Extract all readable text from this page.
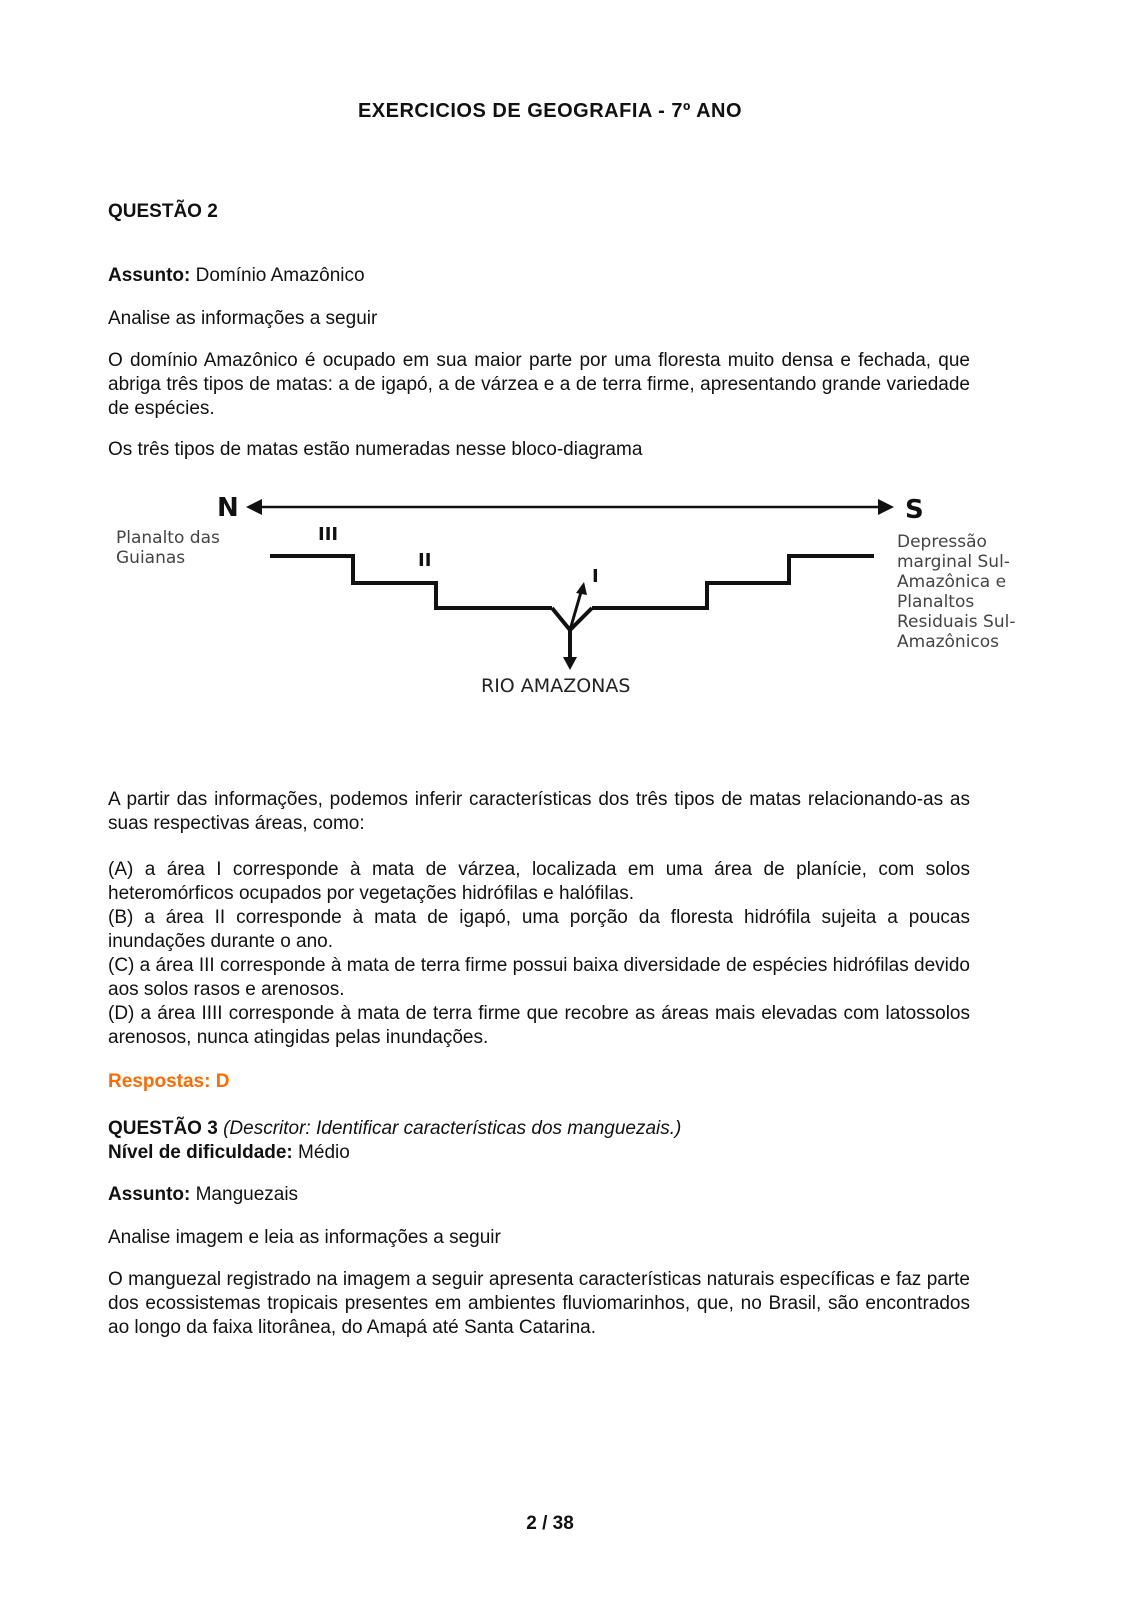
EXERCICIOS DE GEOGRAFIA - 7º ANO

QUESTÃO 2

Assunto: Domínio Amazônico

Analise as informações a seguir

O domínio Amazônico é ocupado em sua maior parte por uma floresta muito densa e fechada, que abriga três tipos de matas: a de igapó, a de várzea e a de terra firme, apresentando grande variedade de espécies.

Os três tipos de matas estão numeradas nesse bloco-diagrama

N	S
Planalto das Guianas
Depressão marginal Sul- Amazônica e Planaltos Residuais Sul- Amazônicos
III
II
I
RIO AMAZONAS

A partir das informações, podemos inferir características dos três tipos de matas relacionando-as as suas respectivas áreas, como:

(A) a área I corresponde à mata de várzea, localizada em uma área de planície, com solos heteromórficos ocupados por vegetações hidrófilas e halófilas.
(B) a área II corresponde à mata de igapó, uma porção da floresta hidrófila sujeita a poucas inundações durante o ano.
(C) a área III corresponde à mata de terra firme possui baixa diversidade de espécies hidrófilas devido aos solos rasos e arenosos.
(D) a área IIII corresponde à mata de terra firme que recobre as áreas mais elevadas com latossolos arenosos, nunca atingidas pelas inundações.

Respostas: D

QUESTÃO 3 (Descritor: Identificar características dos manguezais.)
Nível de dificuldade: Médio

Assunto: Manguezais

Analise imagem e leia as informações a seguir

O manguezal registrado na imagem a seguir apresenta características naturais específicas e faz parte dos ecossistemas tropicais presentes em ambientes fluviomarinhos, que, no Brasil, são encontrados ao longo da faixa litorânea, do Amapá até Santa Catarina.

2 / 38
